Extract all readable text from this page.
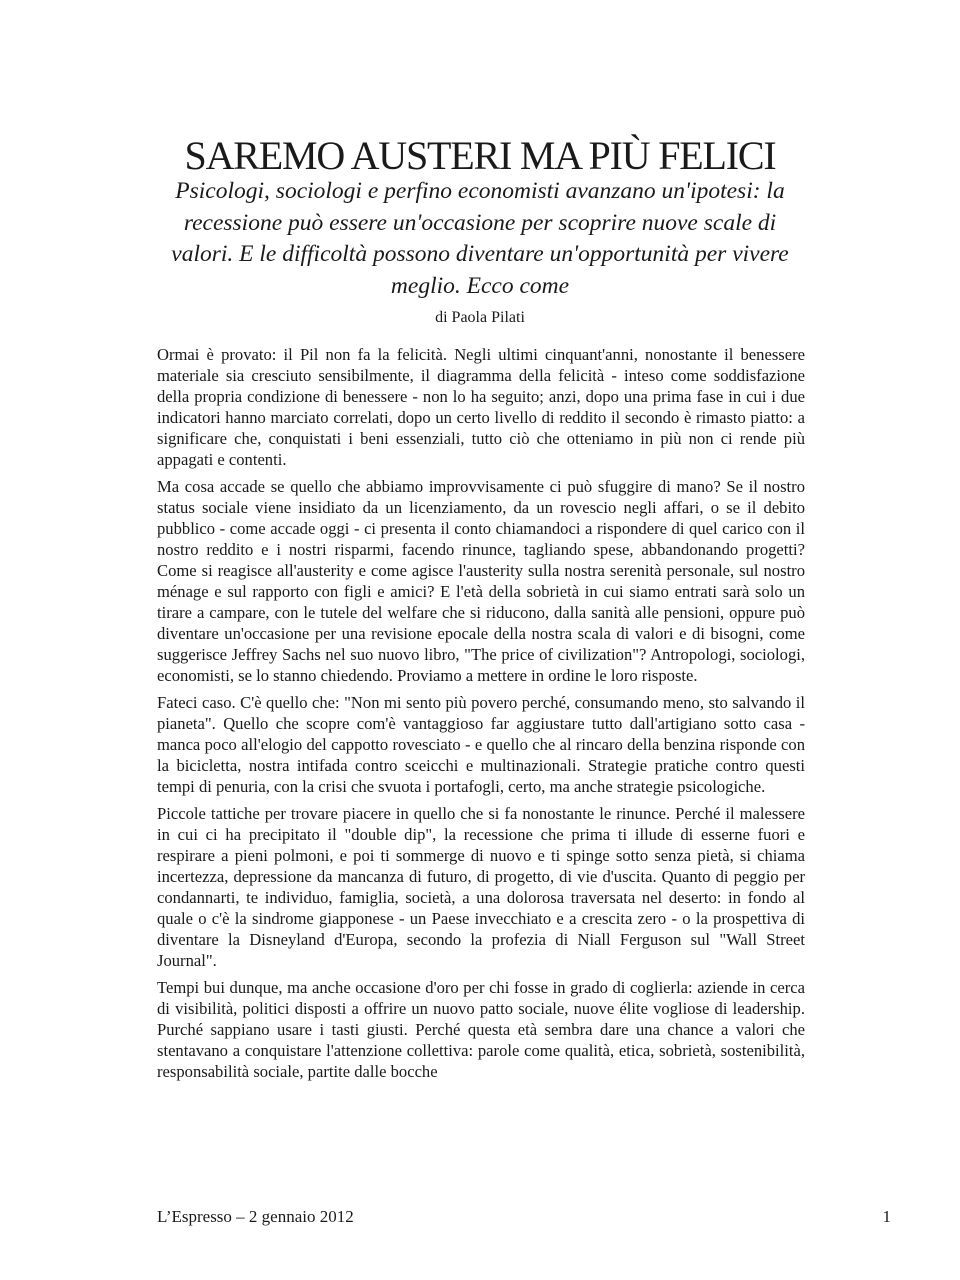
SAREMO AUSTERI MA PIÙ FELICI
Psicologi, sociologi e perfino economisti avanzano un'ipotesi: la recessione può essere un'occasione per scoprire nuove scale di valori. E le difficoltà possono diventare un'opportunità per vivere meglio. Ecco come
di Paola Pilati

Ormai è provato: il Pil non fa la felicità. Negli ultimi cinquant'anni, nonostante il benessere materiale sia cresciuto sensibilmente, il diagramma della felicità - inteso come soddisfazione della propria condizione di benessere - non lo ha seguito; anzi, dopo una prima fase in cui i due indicatori hanno marciato correlati, dopo un certo livello di reddito il secondo è rimasto piatto: a significare che, conquistati i beni essenziali, tutto ciò che otteniamo in più non ci rende più appagati e contenti.

Ma cosa accade se quello che abbiamo improvvisamente ci può sfuggire di mano? Se il nostro status sociale viene insidiato da un licenziamento, da un rovescio negli affari, o se il debito pubblico - come accade oggi - ci presenta il conto chiamandoci a rispondere di quel carico con il nostro reddito e i nostri risparmi, facendo rinunce, tagliando spese, abbandonando progetti? Come si reagisce all'austerity e come agisce l'austerity sulla nostra serenità personale, sul nostro ménage e sul rapporto con figli e amici? E l'età della sobrietà in cui siamo entrati sarà solo un tirare a campare, con le tutele del welfare che si riducono, dalla sanità alle pensioni, oppure può diventare un'occasione per una revisione epocale della nostra scala di valori e di bisogni, come suggerisce Jeffrey Sachs nel suo nuovo libro, "The price of civilization"? Antropologi, sociologi, economisti, se lo stanno chiedendo. Proviamo a mettere in ordine le loro risposte.

Fateci caso. C'è quello che: "Non mi sento più povero perché, consumando meno, sto salvando il pianeta". Quello che scopre com'è vantaggioso far aggiustare tutto dall'artigiano sotto casa - manca poco all'elogio del cappotto rovesciato - e quello che al rincaro della benzina risponde con la bicicletta, nostra intifada contro sceicchi e multinazionali. Strategie pratiche contro questi tempi di penuria, con la crisi che svuota i portafogli, certo, ma anche strategie psicologiche.

Piccole tattiche per trovare piacere in quello che si fa nonostante le rinunce. Perché il malessere in cui ci ha precipitato il "double dip", la recessione che prima ti illude di esserne fuori e respirare a pieni polmoni, e poi ti sommerge di nuovo e ti spinge sotto senza pietà, si chiama incertezza, depressione da mancanza di futuro, di progetto, di vie d'uscita. Quanto di peggio per condannarti, te individuo, famiglia, società, a una dolorosa traversata nel deserto: in fondo al quale o c'è la sindrome giapponese - un Paese invecchiato e a crescita zero - o la prospettiva di diventare la Disneyland d'Europa, secondo la profezia di Niall Ferguson sul "Wall Street Journal".

Tempi bui dunque, ma anche occasione d'oro per chi fosse in grado di coglierla: aziende in cerca di visibilità, politici disposti a offrire un nuovo patto sociale, nuove élite vogliose di leadership. Purché sappiano usare i tasti giusti. Perché questa età sembra dare una chance a valori che stentavano a conquistare l'attenzione collettiva: parole come qualità, etica, sobrietà, sostenibilità, responsabilità sociale, partite dalle bocche

L’Espresso – 2 gennaio 2012	1
